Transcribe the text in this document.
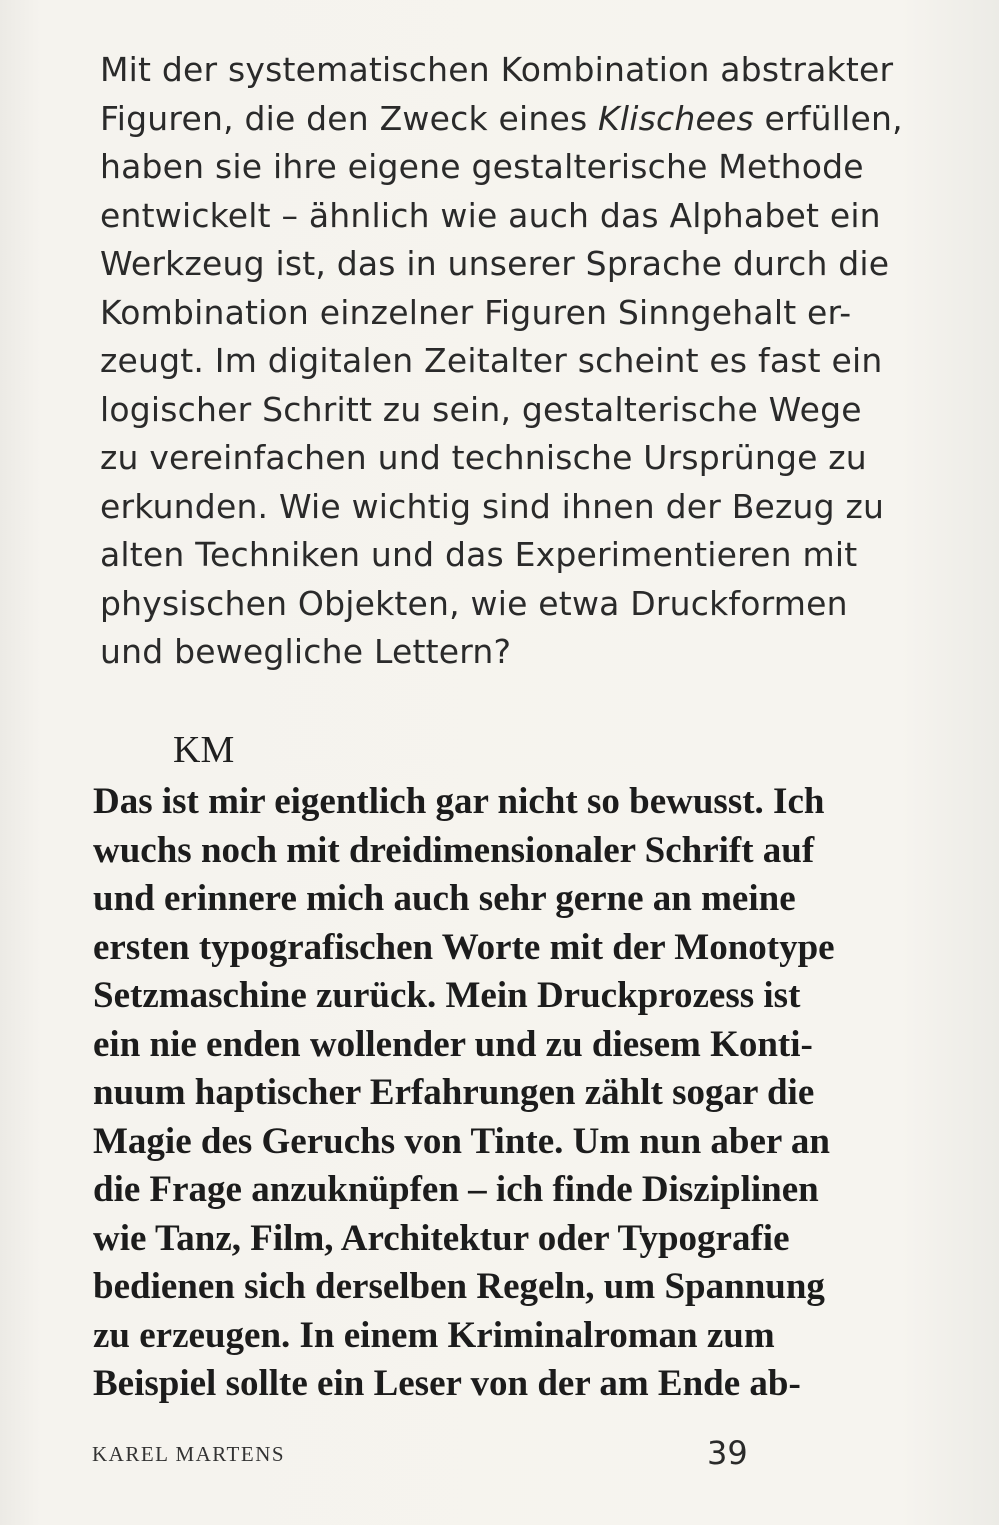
Mit der systematischen Kombination abstrakter
Figuren, die den Zweck eines Klischees erfüllen,
haben sie ihre eigene gestalterische Methode
entwickelt – ähnlich wie auch das Alphabet ein
Werkzeug ist, das in unserer Sprache durch die
Kombination einzelner Figuren Sinngehalt er-
zeugt. Im digitalen Zeitalter scheint es fast ein
logischer Schritt zu sein, gestalterische Wege
zu vereinfachen und technische Ursprünge zu
erkunden. Wie wichtig sind ihnen der Bezug zu
alten Techniken und das Experimentieren mit
physischen Objekten, wie etwa Druckformen
und bewegliche Lettern?
KM
Das ist mir eigentlich gar nicht so bewusst. Ich
wuchs noch mit dreidimensionaler Schrift auf
und erinnere mich auch sehr gerne an meine
ersten typografischen Worte mit der Monotype
Setzmaschine zurück. Mein Druckprozess ist
ein nie enden wollender und zu diesem Konti-
nuum haptischer Erfahrungen zählt sogar die
Magie des Geruchs von Tinte. Um nun aber an
die Frage anzuknüpfen – ich finde Disziplinen
wie Tanz, Film, Architektur oder Typografie
bedienen sich derselben Regeln, um Spannung
zu erzeugen. In einem Kriminalroman zum
Beispiel sollte ein Leser von der am Ende ab-
KAREL MARTENS	39
